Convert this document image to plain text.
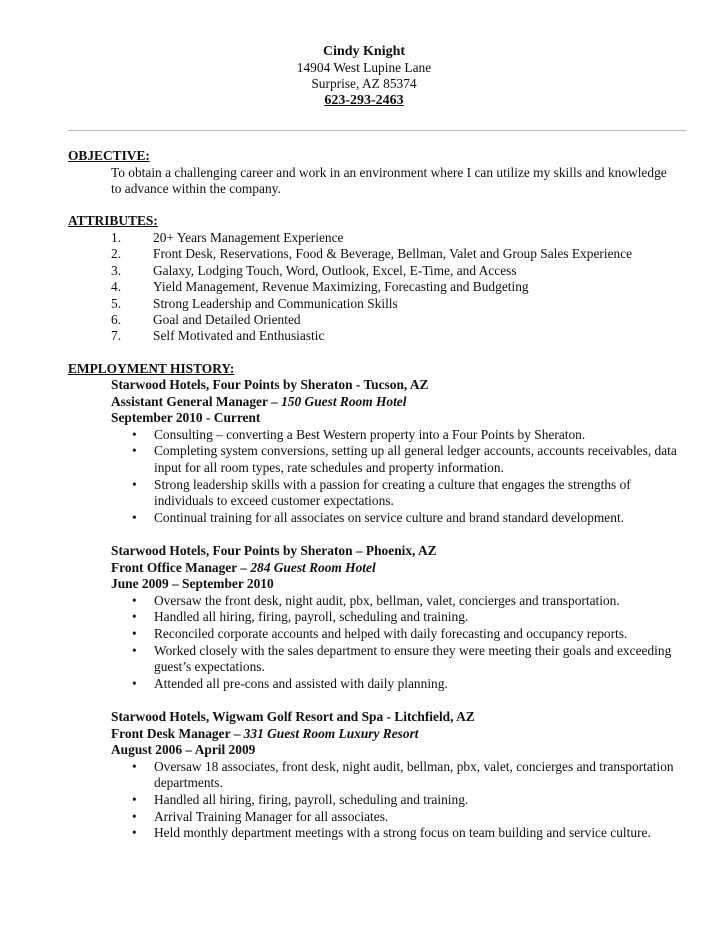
Cindy Knight
14904 West Lupine Lane
Surprise, AZ 85374
623-293-2463
OBJECTIVE:
To obtain a challenging career and work in an environment where I can utilize my skills and knowledge to advance within the company.
ATTRIBUTES:
1.	20+ Years Management Experience
2.	Front Desk, Reservations, Food & Beverage, Bellman, Valet and Group Sales Experience
3.	Galaxy, Lodging Touch, Word, Outlook, Excel, E-Time, and Access
4.	Yield Management, Revenue Maximizing, Forecasting and Budgeting
5.	Strong Leadership and Communication Skills
6.	Goal and Detailed Oriented
7.	Self Motivated and Enthusiastic
EMPLOYMENT HISTORY:
Starwood Hotels, Four Points by Sheraton - Tucson, AZ
Assistant General Manager – 150 Guest Room Hotel
September 2010 - Current
• Consulting – converting a Best Western property into a Four Points by Sheraton.
• Completing system conversions, setting up all general ledger accounts, accounts receivables, data input for all room types, rate schedules and property information.
• Strong leadership skills with a passion for creating a culture that engages the strengths of individuals to exceed customer expectations.
• Continual training for all associates on service culture and brand standard development.
Starwood Hotels, Four Points by Sheraton – Phoenix, AZ
Front Office Manager – 284 Guest Room Hotel
June 2009 – September 2010
• Oversaw the front desk, night audit, pbx, bellman, valet, concierges and transportation.
• Handled all hiring, firing, payroll, scheduling and training.
• Reconciled corporate accounts and helped with daily forecasting and occupancy reports.
• Worked closely with the sales department to ensure they were meeting their goals and exceeding guest’s expectations.
• Attended all pre-cons and assisted with daily planning.
Starwood Hotels, Wigwam Golf Resort and Spa - Litchfield, AZ
Front Desk Manager – 331 Guest Room Luxury Resort
August 2006 – April 2009
• Oversaw 18 associates, front desk, night audit, bellman, pbx, valet, concierges and transportation departments.
• Handled all hiring, firing, payroll, scheduling and training.
• Arrival Training Manager for all associates.
• Held monthly department meetings with a strong focus on team building and service culture.
